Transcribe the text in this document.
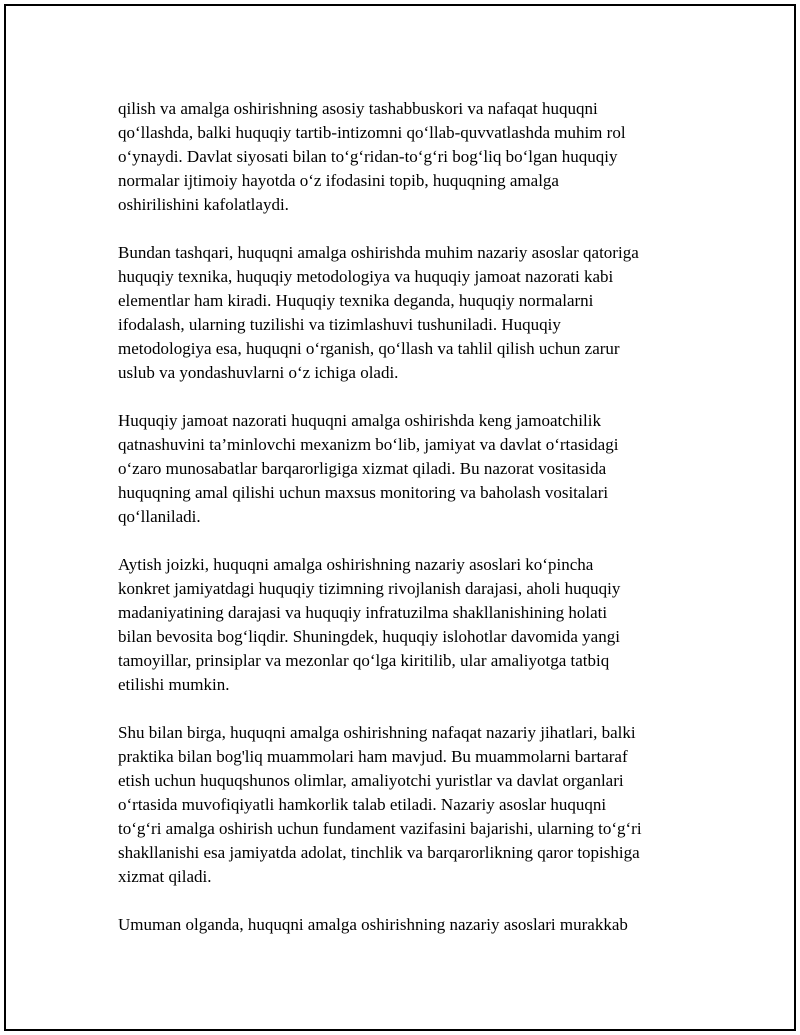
qilish va amalga oshirishning asosiy tashabbuskori va nafaqat huquqni
qo‘llashda, balki huquqiy tartib-intizomni qo‘llab-quvvatlashda muhim rol
o‘ynaydi. Davlat siyosati bilan to‘g‘ridan-to‘g‘ri bog‘liq bo‘lgan huquqiy
normalar ijtimoiy hayotda o‘z ifodasini topib, huquqning amalga
oshirilishini kafolatlaydi.

Bundan tashqari, huquqni amalga oshirishda muhim nazariy asoslar qatoriga
huquqiy texnika, huquqiy metodologiya va huquqiy jamoat nazorati kabi
elementlar ham kiradi. Huquqiy texnika deganda, huquqiy normalarni
ifodalash, ularning tuzilishi va tizimlashuvi tushuniladi. Huquqiy
metodologiya esa, huquqni o‘rganish, qo‘llash va tahlil qilish uchun zarur
uslub va yondashuvlarni o‘z ichiga oladi.

Huquqiy jamoat nazorati huquqni amalga oshirishda keng jamoatchilik
qatnashuvini ta’minlovchi mexanizm bo‘lib, jamiyat va davlat o‘rtasidagi
o‘zaro munosabatlar barqarorligiga xizmat qiladi. Bu nazorat vositasida
huquqning amal qilishi uchun maxsus monitoring va baholash vositalari
qo‘llaniladi.

Aytish joizki, huquqni amalga oshirishning nazariy asoslari ko‘pincha
konkret jamiyatdagi huquqiy tizimning rivojlanish darajasi, aholi huquqiy
madaniyatining darajasi va huquqiy infratuzilma shakllanishining holati
bilan bevosita bog‘liqdir. Shuningdek, huquqiy islohotlar davomida yangi
tamoyillar, prinsiplar va mezonlar qo‘lga kiritilib, ular amaliyotga tatbiq
etilishi mumkin.

Shu bilan birga, huquqni amalga oshirishning nafaqat nazariy jihatlari, balki
praktika bilan bog'liq muammolari ham mavjud. Bu muammolarni bartaraf
etish uchun huquqshunos olimlar, amaliyotchi yuristlar va davlat organlari
o‘rtasida muvofiqiyatli hamkorlik talab etiladi. Nazariy asoslar huquqni
to‘g‘ri amalga oshirish uchun fundament vazifasini bajarishi, ularning to‘g‘ri
shakllanishi esa jamiyatda adolat, tinchlik va barqarorlikning qaror topishiga
xizmat qiladi.

Umuman olganda, huquqni amalga oshirishning nazariy asoslari murakkab
